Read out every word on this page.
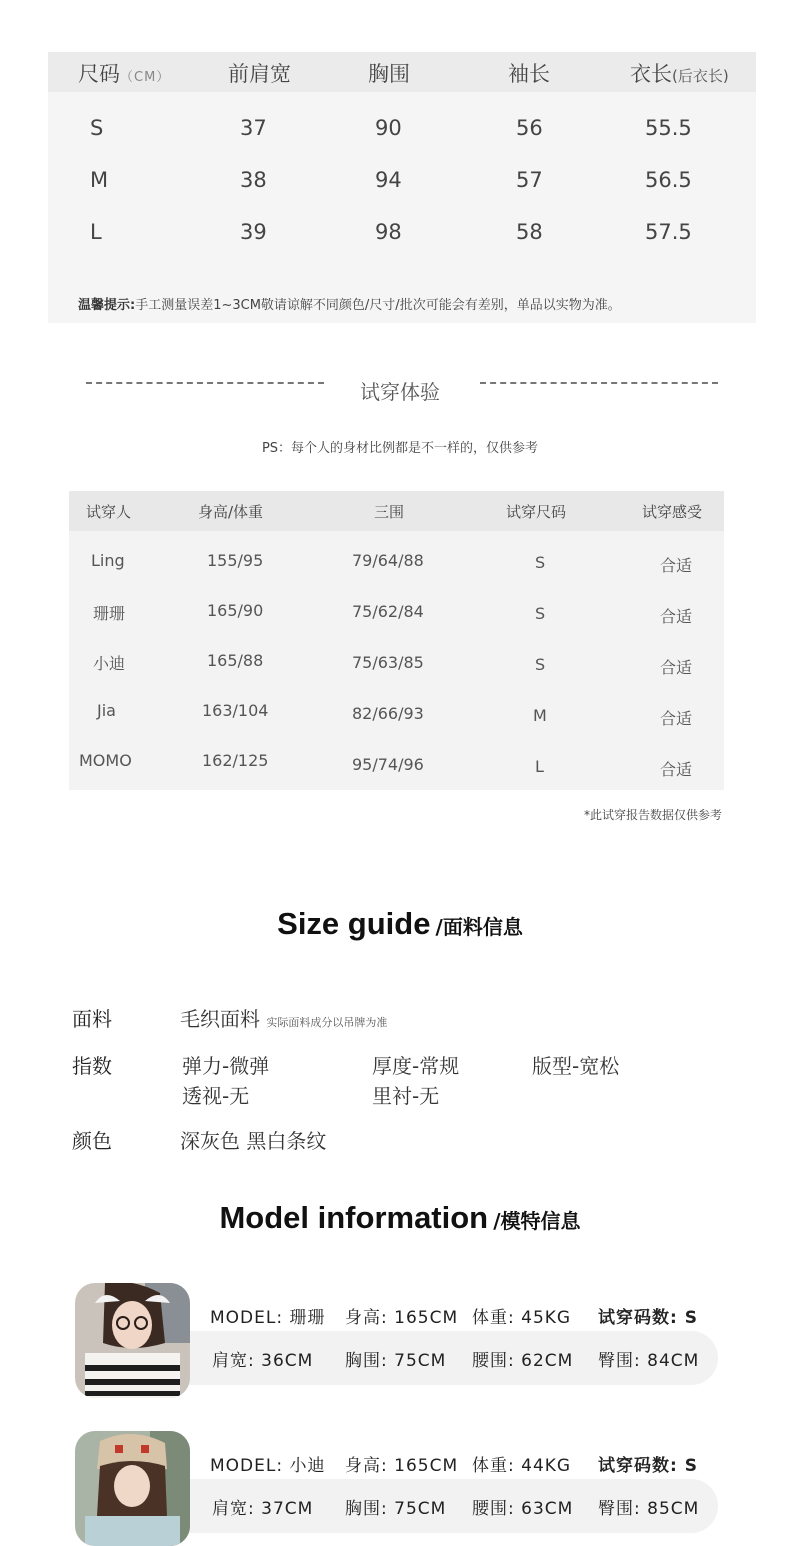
尺码（CM）	前肩宽	胸围	袖长	衣长(后衣长)
S	37	90	56	55.5
M	38	94	57	56.5
L	39	98	58	57.5
温馨提示:手工测量误差1~3CM敬请谅解不同颜色/尺寸/批次可能会有差别，单品以实物为准。
试穿体验
PS：每个人的身材比例都是不一样的，仅供参考
试穿人	身高/体重	三围	试穿尺码	试穿感受
Ling	155/95	79/64/88	S	合适
珊珊	165/90	75/62/84	S	合适
小迪	165/88	75/63/85	S	合适
Jia	163/104	82/66/93	M	合适
MOMO	162/125	95/74/96	L	合适
*此试穿报告数据仅供参考
Size guide /面料信息
面料	毛织面料 实际面料成分以吊牌为准
指数	弹力-微弹	厚度-常规	版型-宽松
透视-无	里衬-无
颜色	深灰色 黑白条纹
Model information /模特信息
MODEL: 珊珊 身高: 165CM 体重: 45KG 试穿码数: S
肩宽: 36CM 胸围: 75CM 腰围: 62CM 臀围: 84CM
MODEL: 小迪 身高: 165CM 体重: 44KG 试穿码数: S
肩宽: 37CM 胸围: 75CM 腰围: 63CM 臀围: 85CM
